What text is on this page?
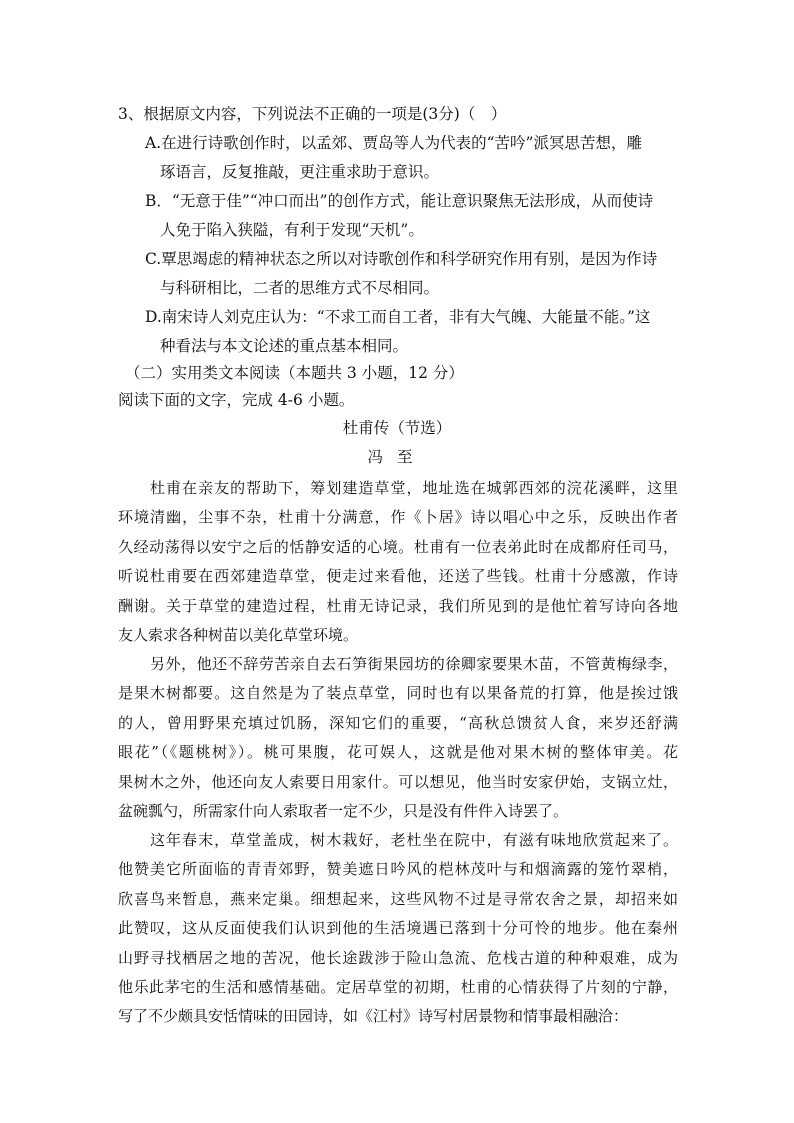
3、根据原文内容，下列说法不正确的一项是(3分)（　）
A.在进行诗歌创作时，以孟郊、贾岛等人为代表的“苦吟”派冥思苦想，雕
琢语言，反复推敲，更注重求助于意识。
B．“无意于佳”“冲口而出”的创作方式，能让意识聚焦无法形成，从而使诗
人免于陷入狭隘，有利于发现“天机”。
C.覃思竭虑的精神状态之所以对诗歌创作和科学研究作用有别，是因为作诗
与科研相比，二者的思维方式不尽相同。
D.南宋诗人刘克庄认为：“不求工而自工者，非有大气魄、大能量不能。”这
种看法与本文论述的重点基本相同。
（二）实用类文本阅读（本题共 3 小题，12 分）
阅读下面的文字，完成 4-6 小题。
杜甫传（节选）
冯至
杜甫在亲友的帮助下，筹划建造草堂，地址选在城郭西郊的浣花溪畔，这里
环境清幽，尘事不杂，杜甫十分满意，作《卜居》诗以唱心中之乐，反映出作者
久经动荡得以安宁之后的恬静安适的心境。杜甫有一位表弟此时在成都府任司马，
听说杜甫要在西郊建造草堂，便走过来看他，还送了些钱。杜甫十分感激，作诗
酬谢。关于草堂的建造过程，杜甫无诗记录，我们所见到的是他忙着写诗向各地
友人索求各种树苗以美化草堂环境。
另外，他还不辞劳苦亲自去石笋街果园坊的徐卿家要果木苗，不管黄梅绿李，
是果木树都要。这自然是为了装点草堂，同时也有以果备荒的打算，他是挨过饿
的人，曾用野果充填过饥肠，深知它们的重要，“高秋总馈贫人食，来岁还舒满
眼花”（《题桃树》）。桃可果腹，花可娱人，这就是他对果木树的整体审美。花
果树木之外，他还向友人索要日用家什。可以想见，他当时安家伊始，支锅立灶，
盆碗瓢勺，所需家什向人索取者一定不少，只是没有件件入诗罢了。
这年春末，草堂盖成，树木栽好，老杜坐在院中，有滋有味地欣赏起来了。
他赞美它所面临的青青郊野，赞美遮日吟风的桤林茂叶与和烟滴露的笼竹翠梢，
欣喜鸟来暂息，燕来定巢。细想起来，这些风物不过是寻常农舍之景，却招来如
此赞叹，这从反面使我们认识到他的生活境遇已落到十分可怜的地步。他在秦州
山野寻找栖居之地的苦况，他长途跋涉于险山急流、危栈古道的种种艰难，成为
他乐此茅宅的生活和感情基础。定居草堂的初期，杜甫的心情获得了片刻的宁静，
写了不少颇具安恬情味的田园诗，如《江村》诗写村居景物和情事最相融洽：
